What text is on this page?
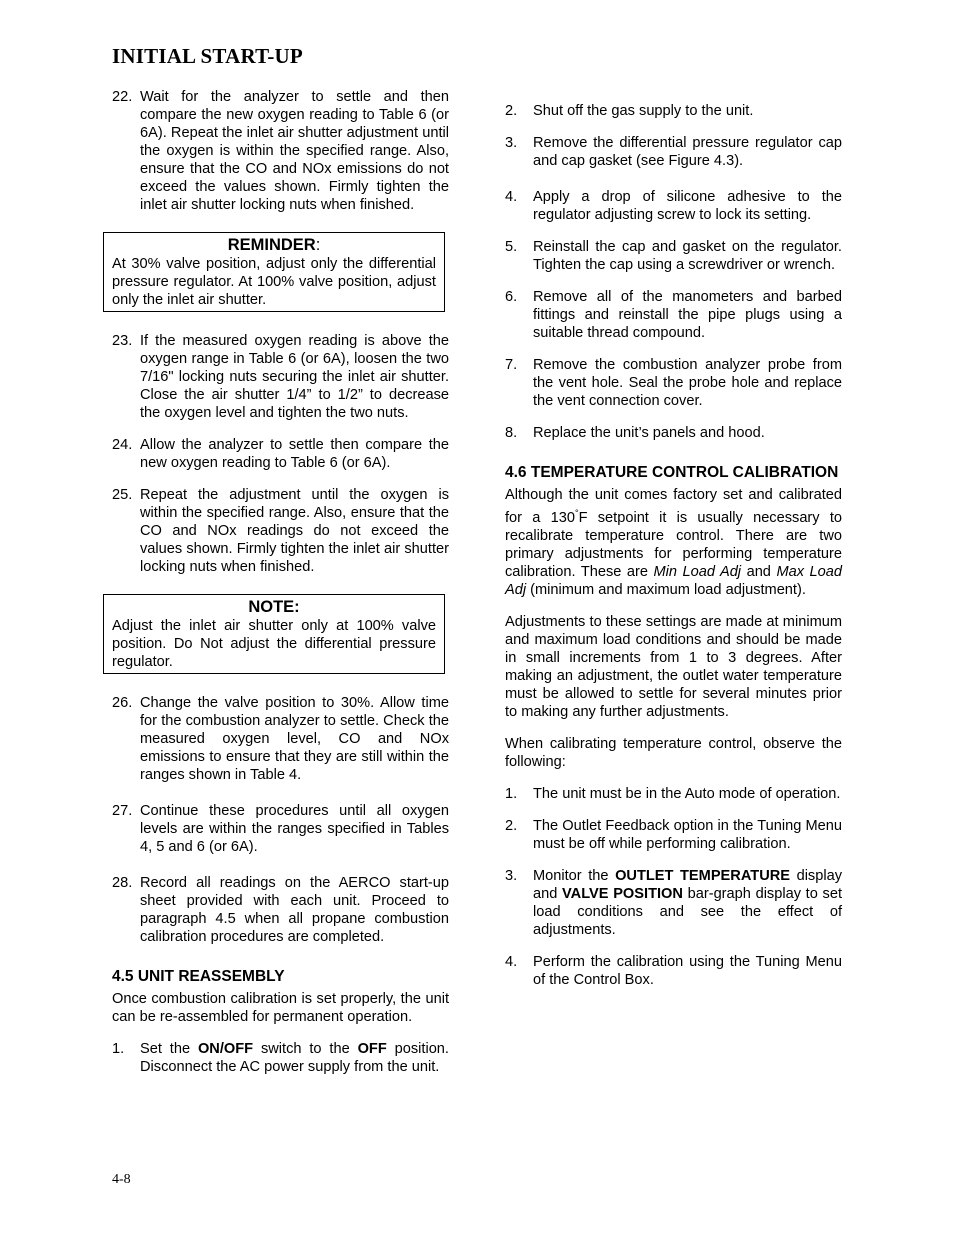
INITIAL START-UP
22. Wait for the analyzer to settle and then compare the new oxygen reading to Table 6 (or 6A). Repeat the inlet air shutter adjustment until the oxygen is within the specified range. Also, ensure that the CO and NOx emissions do not exceed the values shown. Firmly tighten the inlet air shutter locking nuts when finished.
REMINDER:
At 30% valve position, adjust only the differential pressure regulator. At 100% valve position, adjust only the inlet air shutter.
23. If the measured oxygen reading is above the oxygen range in Table 6 (or 6A), loosen the two 7/16" locking nuts securing the inlet air shutter. Close the air shutter 1/4” to 1/2” to decrease the oxygen level and tighten the two nuts.
24. Allow the analyzer to settle then compare the new oxygen reading to Table 6 (or 6A).
25. Repeat the adjustment until the oxygen is within the specified range. Also, ensure that the CO and NOx readings do not exceed the values shown. Firmly tighten the inlet air shutter locking nuts when finished.
NOTE:
Adjust the inlet air shutter only at 100% valve position. Do Not adjust the differential pressure regulator.
26. Change the valve position to 30%. Allow time for the combustion analyzer to settle. Check the measured oxygen level, CO and NOx emissions to ensure that they are still within the ranges shown in Table 4.
27. Continue these procedures until all oxygen levels are within the ranges specified in Tables 4, 5 and 6 (or 6A).
28. Record all readings on the AERCO start-up sheet provided with each unit. Proceed to paragraph 4.5 when all propane combustion calibration procedures are completed.
4.5 UNIT REASSEMBLY
Once combustion calibration is set properly, the unit can be re-assembled for permanent operation.
1. Set the ON/OFF switch to the OFF position. Disconnect the AC power supply from the unit.
2. Shut off the gas supply to the unit.
3. Remove the differential pressure regulator cap and cap gasket (see Figure 4.3).
4. Apply a drop of silicone adhesive to the regulator adjusting screw to lock its setting.
5. Reinstall the cap and gasket on the regulator. Tighten the cap using a screwdriver or wrench.
6. Remove all of the manometers and barbed fittings and reinstall the pipe plugs using a suitable thread compound.
7. Remove the combustion analyzer probe from the vent hole. Seal the probe hole and replace the vent connection cover.
8. Replace the unit’s panels and hood.
4.6 TEMPERATURE CONTROL CALIBRATION
Although the unit comes factory set and calibrated for a 130°F setpoint it is usually necessary to recalibrate temperature control. There are two primary adjustments for performing temperature calibration. These are Min Load Adj and Max Load Adj (minimum and maximum load adjustment).
Adjustments to these settings are made at minimum and maximum load conditions and should be made in small increments from 1 to 3 degrees. After making an adjustment, the outlet water temperature must be allowed to settle for several minutes prior to making any further adjustments.
When calibrating temperature control, observe the following:
1. The unit must be in the Auto mode of operation.
2. The Outlet Feedback option in the Tuning Menu must be off while performing calibration.
3. Monitor the OUTLET TEMPERATURE display and VALVE POSITION bar-graph display to set load conditions and see the effect of adjustments.
4. Perform the calibration using the Tuning Menu of the Control Box.
4-8
